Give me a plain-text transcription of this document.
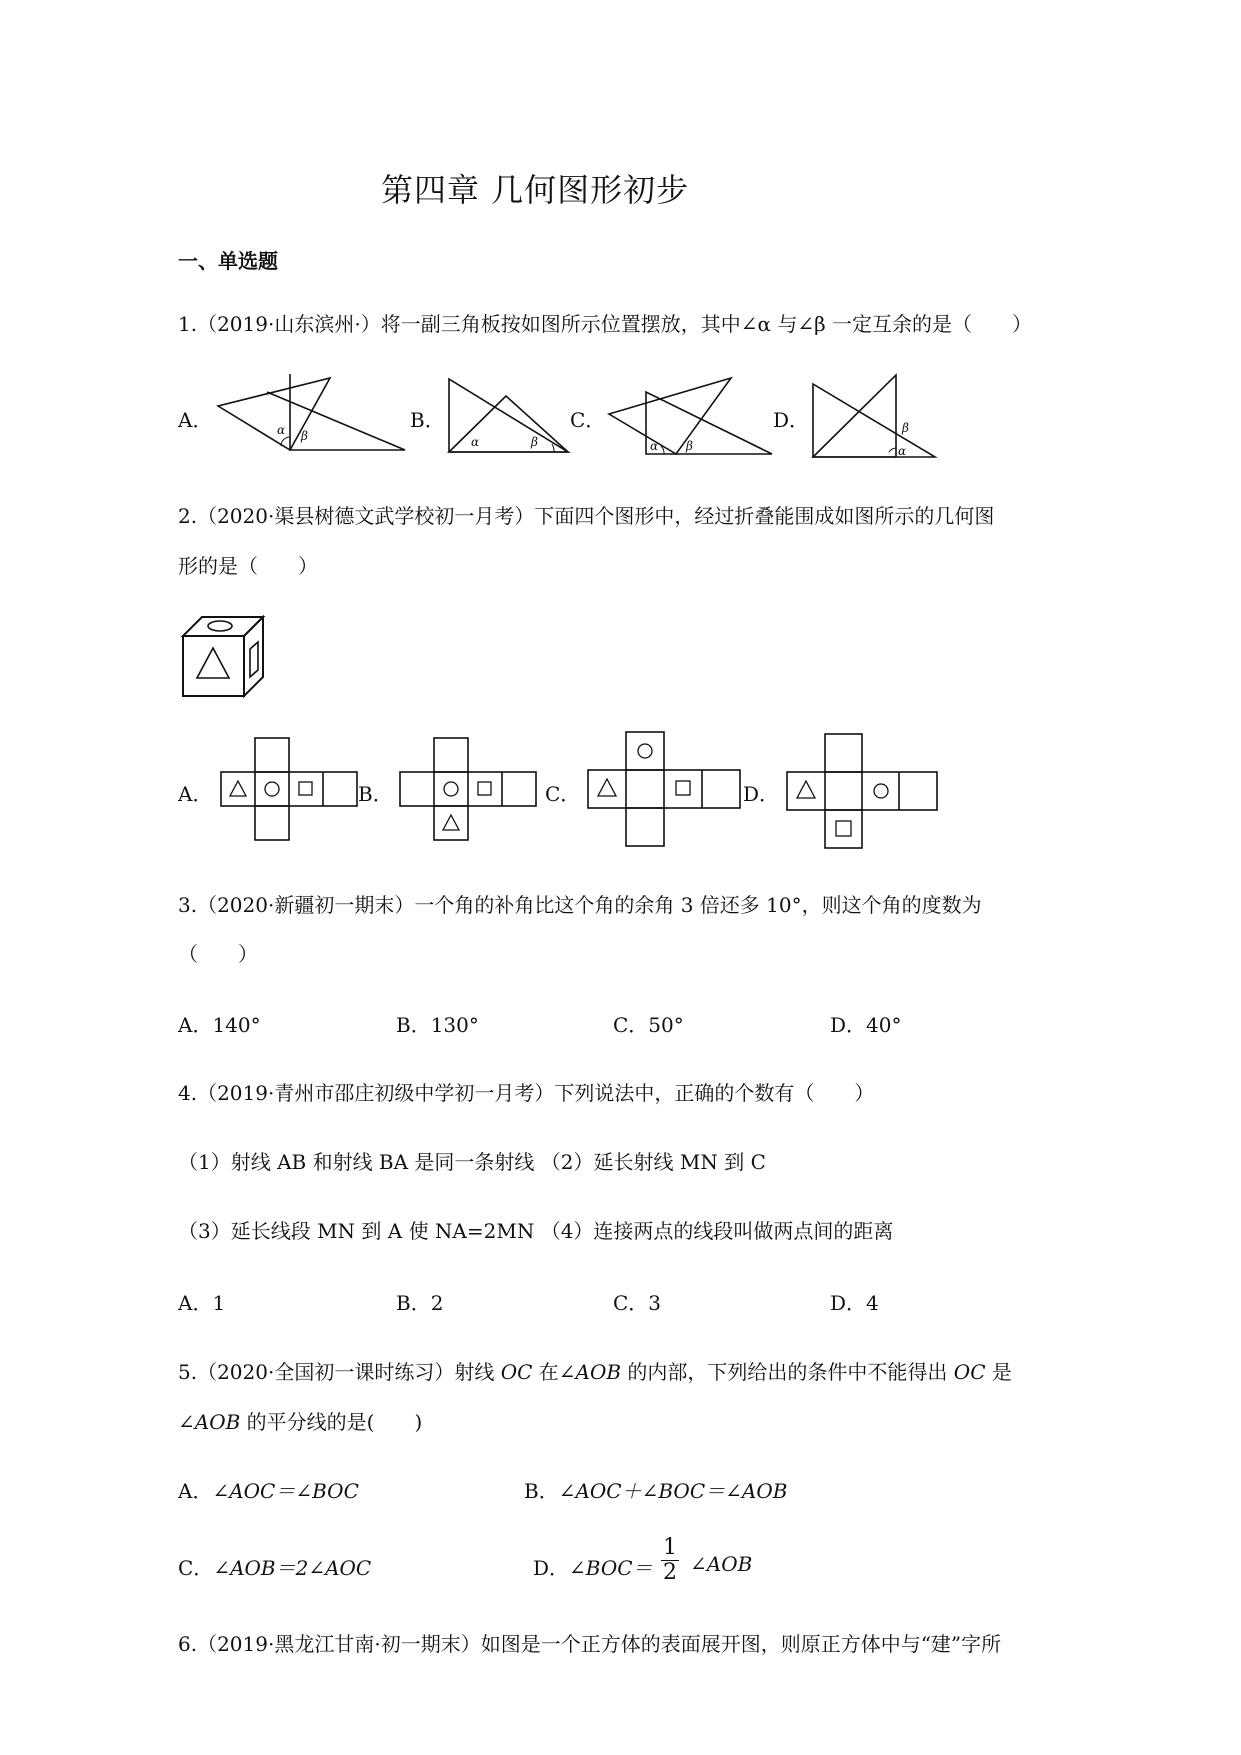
第四章 几何图形初步
一、单选题
1.（2019·山东滨州·）将一副三角板按如图所示位置摆放，其中∠α 与∠β 一定互余的是（　　）
A．	α β
B．
α	β
C．
α β
D．
α
β
2.（2020·渠县树德文武学校初一月考）下面四个图形中，经过折叠能围成如图所示的几何图
形的是（　　）
A．	B．	C．	D．
3.（2020·新疆初一期末）一个角的补角比这个角的余角 3 倍还多 10°，则这个角的度数为
（　　）
A．140°	B．130°	C．50°	D．40°
4.（2019·青州市邵庄初级中学初一月考）下列说法中，正确的个数有（　　）
（1）射线 AB 和射线 BA 是同一条射线 （2）延长射线 MN 到 C
（3）延长线段 MN 到 A 使 NA=2MN （4）连接两点的线段叫做两点间的距离
A．1	B．2	C．3	D．4
5.（2020·全国初一课时练习）射线 OC 在∠AOB 的内部，下列给出的条件中不能得出 OC 是
∠AOB 的平分线的是(　　)
A．∠AOC＝∠BOC	B．∠AOC＋∠BOC＝∠AOB
C．∠AOB＝2∠AOC	D．∠BOC＝ $\frac{1}{2}$ ∠AOB
6.（2019·黑龙江甘南·初一期末）如图是一个正方体的表面展开图，则原正方体中与“建”字所
